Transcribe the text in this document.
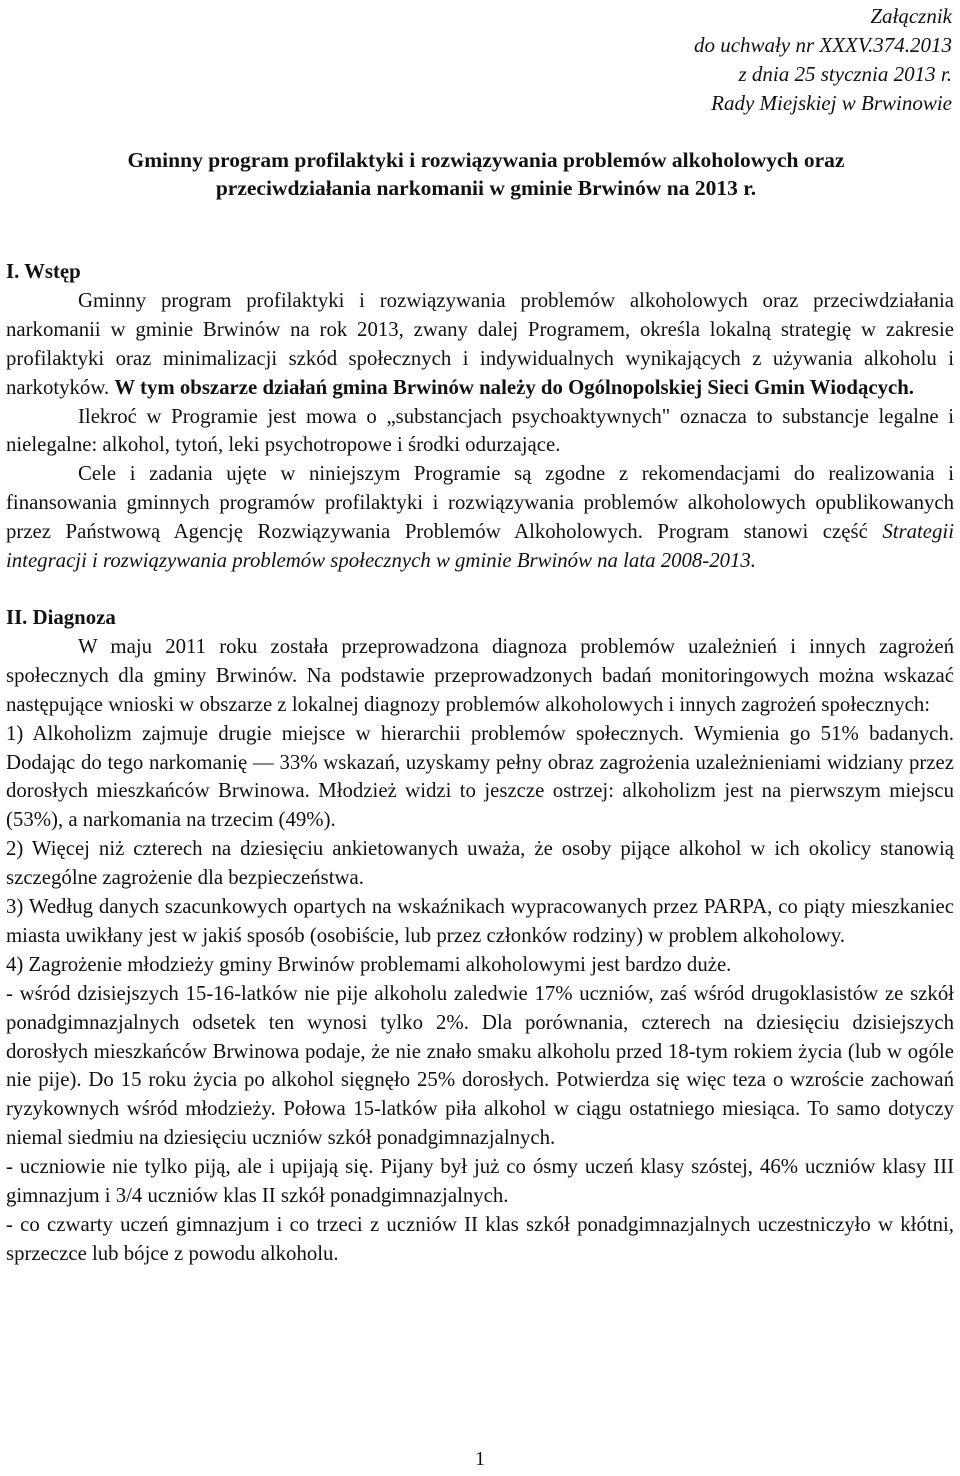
Załącznik
do uchwały nr XXXV.374.2013
z dnia 25 stycznia 2013 r.
Rady Miejskiej w Brwinowie
Gminny program profilaktyki i rozwiązywania problemów alkoholowych oraz
przeciwdziałania narkomanii w gminie Brwinów na 2013 r.

I. Wstęp

Gminny program profilaktyki i rozwiązywania problemów alkoholowych oraz przeciwdziałania narkomanii w gminie Brwinów na rok 2013, zwany dalej Programem, określa lokalną strategię w zakresie profilaktyki oraz minimalizacji szkód społecznych i indywidualnych wynikających z używania alkoholu i narkotyków. W tym obszarze działań gmina Brwinów należy do Ogólnopolskiej Sieci Gmin Wiodących.

Ilekroć w Programie jest mowa o „substancjach psychoaktywnych" oznacza to substancje legalne i nielegalne: alkohol, tytoń, leki psychotropowe i środki odurzające.

Cele i zadania ujęte w niniejszym Programie są zgodne z rekomendacjami do realizowania i finansowania gminnych programów profilaktyki i rozwiązywania problemów alkoholowych opublikowanych przez Państwową Agencję Rozwiązywania Problemów Alkoholowych. Program stanowi część Strategii integracji i rozwiązywania problemów społecznych w gminie Brwinów na lata 2008-2013.

II. Diagnoza

W maju 2011 roku została przeprowadzona diagnoza problemów uzależnień i innych zagrożeń społecznych dla gminy Brwinów. Na podstawie przeprowadzonych badań monitoringowych można wskazać następujące wnioski w obszarze z lokalnej diagnozy problemów alkoholowych i innych zagrożeń społecznych:

1) Alkoholizm zajmuje drugie miejsce w hierarchii problemów społecznych. Wymienia go 51% badanych. Dodając do tego narkomanię — 33% wskazań, uzyskamy pełny obraz zagrożenia uzależnieniami widziany przez dorosłych mieszkańców Brwinowa. Młodzież widzi to jeszcze ostrzej: alkoholizm jest na pierwszym miejscu (53%), a narkomania na trzecim (49%).

2) Więcej niż czterech na dziesięciu ankietowanych uważa, że osoby pijące alkohol w ich okolicy stanowią szczególne zagrożenie dla bezpieczeństwa.

3) Według danych szacunkowych opartych na wskaźnikach wypracowanych przez PARPA, co piąty mieszkaniec miasta uwikłany jest w jakiś sposób (osobiście, lub przez członków rodziny) w problem alkoholowy.

4) Zagrożenie młodzieży gminy Brwinów problemami alkoholowymi jest bardzo duże.

- wśród dzisiejszych 15-16-latków nie pije alkoholu zaledwie 17% uczniów, zaś wśród drugoklasistów ze szkół ponadgimnazjalnych odsetek ten wynosi tylko 2%. Dla porównania, czterech na dziesięciu dzisiejszych dorosłych mieszkańców Brwinowa podaje, że nie znało smaku alkoholu przed 18-tym rokiem życia (lub w ogóle nie pije). Do 15 roku życia po alkohol sięgnęło 25% dorosłych. Potwierdza się więc teza o wzroście zachowań ryzykownych wśród młodzieży. Połowa 15-latków piła alkohol w ciągu ostatniego miesiąca. To samo dotyczy niemal siedmiu na dziesięciu uczniów szkół ponadgimnazjalnych.

- uczniowie nie tylko piją, ale i upijają się. Pijany był już co ósmy uczeń klasy szóstej, 46% uczniów klasy III gimnazjum i 3/4 uczniów klas II szkół ponadgimnazjalnych.

- co czwarty uczeń gimnazjum i co trzeci z uczniów II klas szkół ponadgimnazjalnych uczestniczyło w kłótni, sprzeczce lub bójce z powodu alkoholu.

1
